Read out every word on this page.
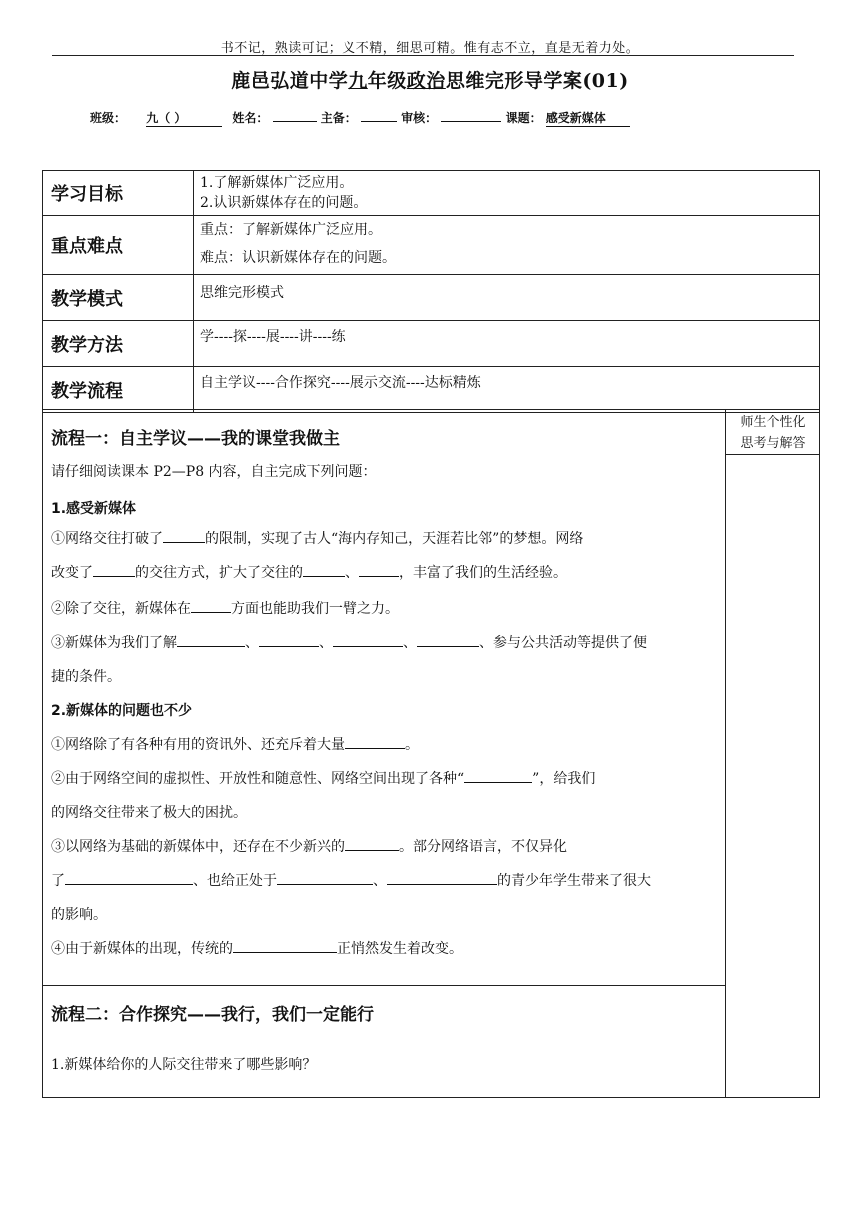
书不记，熟读可记；义不精，细思可精。惟有志不立，直是无着力处。
鹿邑弘道中学九年级政治思维完形导学案(01)
班级： 九（ ）	姓名：	主备：	审核：	课题： 感受新媒体
学习目标	1.了解新媒体广泛应用。
2.认识新媒体存在的问题。

重点难点	重点：了解新媒体广泛应用。
难点：认识新媒体存在的问题。

教学模式	思维完形模式
教学方法	学----探----展----讲----练
教学流程	自主学议----合作探究----展示交流----达标精炼
师生个性化
思考与解答
流程一：自主学议——我的课堂我做主
请仔细阅读课本 P2—P8 内容，自主完成下列问题：
1.感受新媒体
①网络交往打破了	的限制，实现了古人“海内存知己，天涯若比邻”的梦想。网络
改变了	的交往方式，扩大了交往的	、	，丰富了我们的生活经验。
②除了交往，新媒体在	方面也能助我们一臂之力。
③新媒体为我们了解	、	、	、	、参与公共活动等提供了便
捷的条件。
2.新媒体的问题也不少
①网络除了有各种有用的资讯外、还充斥着大量	。
②由于网络空间的虚拟性、开放性和随意性、网络空间出现了各种“	”，给我们
的网络交往带来了极大的困扰。
③以网络为基础的新媒体中，还存在不少新兴的	。部分网络语言，不仅异化
了	、也给正处于	、	的青少年学生带来了很大
的影响。
④由于新媒体的出现，传统的	正悄然发生着改变。
流程二：合作探究——我行，我们一定能行
1.新媒体给你的人际交往带来了哪些影响？
